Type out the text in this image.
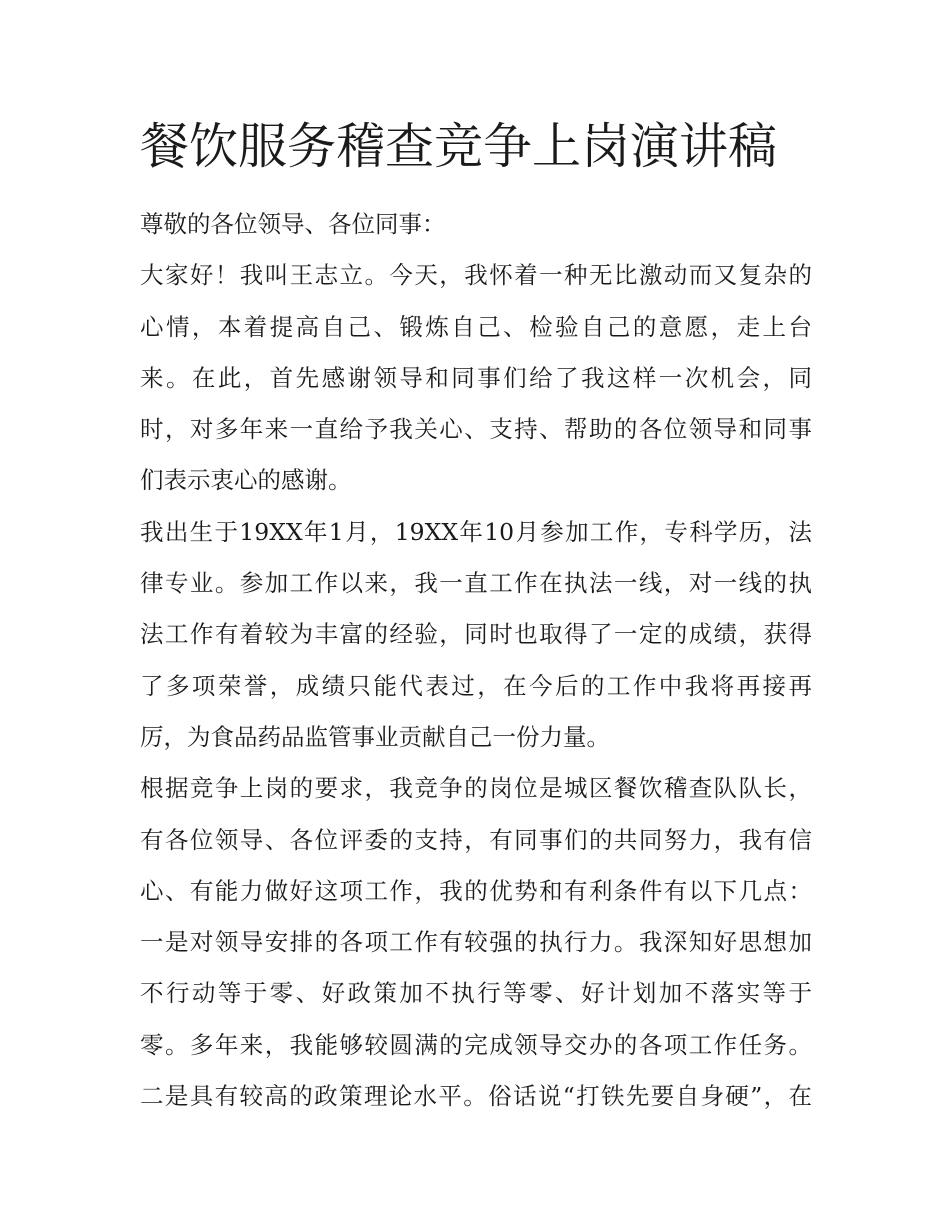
餐饮服务稽查竞争上岗演讲稿
尊敬的各位领导、各位同事：
大家好！我叫王志立。今天，我怀着一种无比激动而又复杂的
心情，本着提高自己、锻炼自己、检验自己的意愿，走上台
来。在此，首先感谢领导和同事们给了我这样一次机会，同
时，对多年来一直给予我关心、支持、帮助的各位领导和同事
们表示衷心的感谢。
我出生于19XX年1月，19XX年10月参加工作，专科学历，法
律专业。参加工作以来，我一直工作在执法一线，对一线的执
法工作有着较为丰富的经验，同时也取得了一定的成绩，获得
了多项荣誉，成绩只能代表过，在今后的工作中我将再接再
厉，为食品药品监管事业贡献自己一份力量。
根据竞争上岗的要求，我竞争的岗位是城区餐饮稽查队队长，
有各位领导、各位评委的支持，有同事们的共同努力，我有信
心、有能力做好这项工作，我的优势和有利条件有以下几点：
一是对领导安排的各项工作有较强的执行力。我深知好思想加
不行动等于零、好政策加不执行等零、好计划加不落实等于
零。多年来，我能够较圆满的完成领导交办的各项工作任务。
二是具有较高的政策理论水平。俗话说“打铁先要自身硬”，在
